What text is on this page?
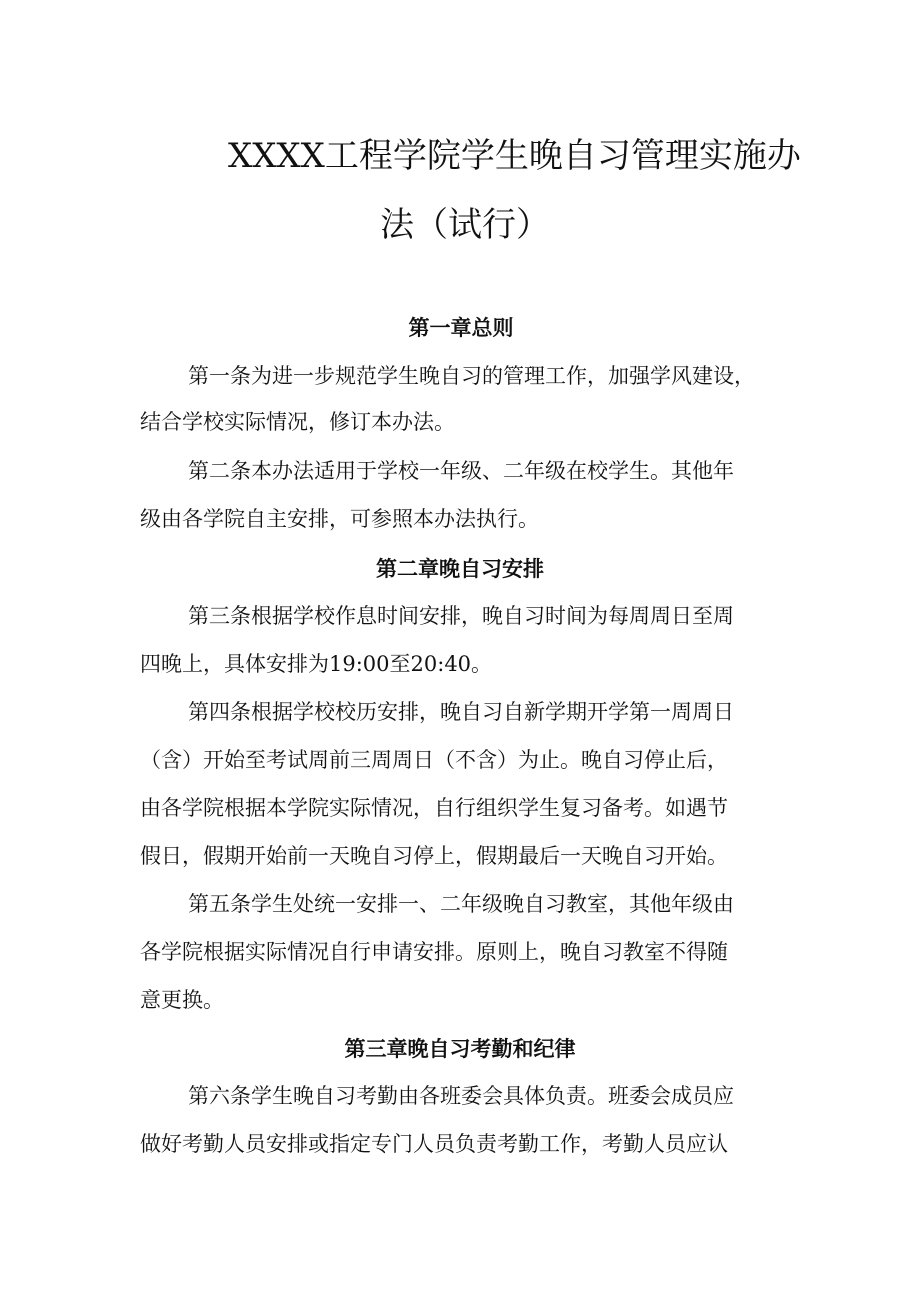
XXXX工程学院学生晚自习管理实施办
法（试行）
第一章总则
第一条为进一步规范学生晚自习的管理工作，加强学风建设，
结合学校实际情况，修订本办法。
第二条本办法适用于学校一年级、二年级在校学生。其他年
级由各学院自主安排，可参照本办法执行。
第二章晚自习安排
第三条根据学校作息时间安排，晚自习时间为每周周日至周
四晚上，具体安排为19:00至20:40。
第四条根据学校校历安排，晚自习自新学期开学第一周周日
（含）开始至考试周前三周周日（不含）为止。晚自习停止后，
由各学院根据本学院实际情况，自行组织学生复习备考。如遇节
假日，假期开始前一天晚自习停上，假期最后一天晚自习开始。
第五条学生处统一安排一、二年级晚自习教室，其他年级由
各学院根据实际情况自行申请安排。原则上，晚自习教室不得随
意更换。
第三章晚自习考勤和纪律
第六条学生晚自习考勤由各班委会具体负责。班委会成员应
做好考勤人员安排或指定专门人员负责考勤工作，考勤人员应认
